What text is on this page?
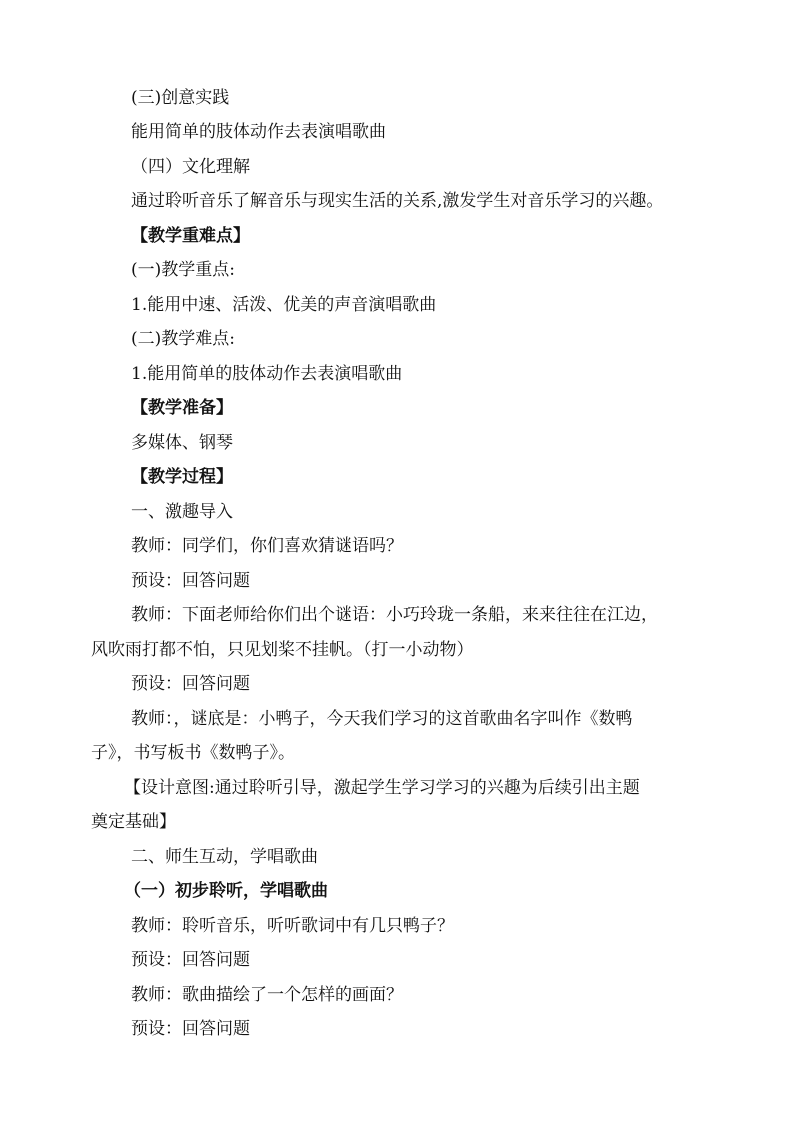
(三)创意实践
能用简单的肢体动作去表演唱歌曲
（四）文化理解
通过聆听音乐了解音乐与现实生活的关系,激发学生对音乐学习的兴趣。
【教学重难点】
(一)教学重点:
1.能用中速、活泼、优美的声音演唱歌曲
(二)教学难点:
1.能用简单的肢体动作去表演唱歌曲
【教学准备】
多媒体、钢琴
【教学过程】
一、激趣导入
教师：同学们，你们喜欢猜谜语吗？
预设：回答问题
教师：下面老师给你们出个谜语：小巧玲珑一条船，来来往往在江边，
风吹雨打都不怕，只见划桨不挂帆。（打一小动物）
预设：回答问题
教师：，谜底是：小鸭子，今天我们学习的这首歌曲名字叫作《数鸭
子》，书写板书《数鸭子》。
【设计意图:通过聆听引导，激起学生学习学习的兴趣为后续引出主题
奠定基础】
二、师生互动，学唱歌曲
（一）初步聆听，学唱歌曲
教师：聆听音乐，听听歌词中有几只鸭子？
预设：回答问题
教师：歌曲描绘了一个怎样的画面？
预设：回答问题
